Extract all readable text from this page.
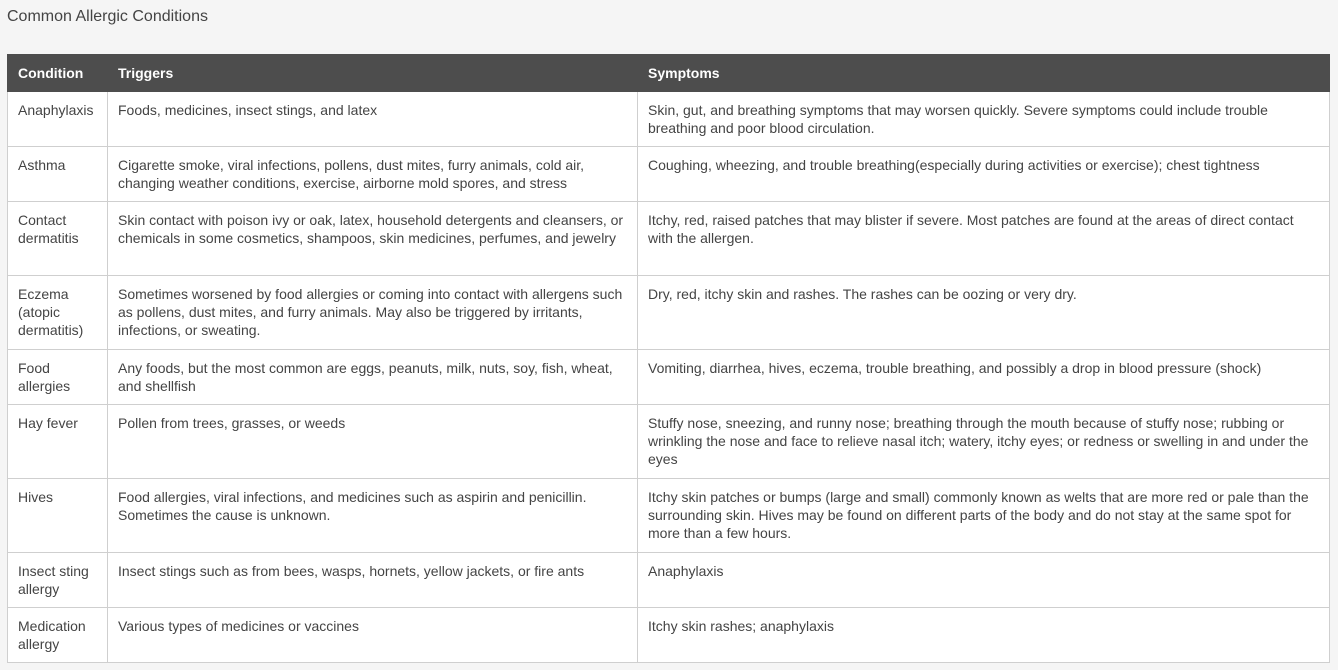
Common Allergic Conditions
Condition	Triggers	Symptoms
Anaphylaxis	Foods, medicines, insect stings, and latex	Skin, gut, and breathing symptoms that may worsen quickly. Severe symptoms could include trouble breathing and poor blood circulation.
Asthma	Cigarette smoke, viral infections, pollens, dust mites, furry animals, cold air, changing weather conditions, exercise, airborne mold spores, and stress	Coughing, wheezing, and trouble breathing(especially during activities or exercise); chest tightness
Contact dermatitis	Skin contact with poison ivy or oak, latex, household detergents and cleansers, or chemicals in some cosmetics, shampoos, skin medicines, perfumes, and jewelry	Itchy, red, raised patches that may blister if severe. Most patches are found at the areas of direct contact with the allergen.
Eczema (atopic dermatitis)	Sometimes worsened by food allergies or coming into contact with allergens such as pollens, dust mites, and furry animals. May also be triggered by irritants, infections, or sweating.	Dry, red, itchy skin and rashes. The rashes can be oozing or very dry.
Food allergies	Any foods, but the most common are eggs, peanuts, milk, nuts, soy, fish, wheat, and shellfish	Vomiting, diarrhea, hives, eczema, trouble breathing, and possibly a drop in blood pressure (shock)
Hay fever	Pollen from trees, grasses, or weeds	Stuffy nose, sneezing, and runny nose; breathing through the mouth because of stuffy nose; rubbing or wrinkling the nose and face to relieve nasal itch; watery, itchy eyes; or redness or swelling in and under the eyes
Hives	Food allergies, viral infections, and medicines such as aspirin and penicillin. Sometimes the cause is unknown.	Itchy skin patches or bumps (large and small) commonly known as welts that are more red or pale than the surrounding skin. Hives may be found on different parts of the body and do not stay at the same spot for more than a few hours.
Insect sting allergy	Insect stings such as from bees, wasps, hornets, yellow jackets, or fire ants	Anaphylaxis
Medication allergy	Various types of medicines or vaccines	Itchy skin rashes; anaphylaxis
